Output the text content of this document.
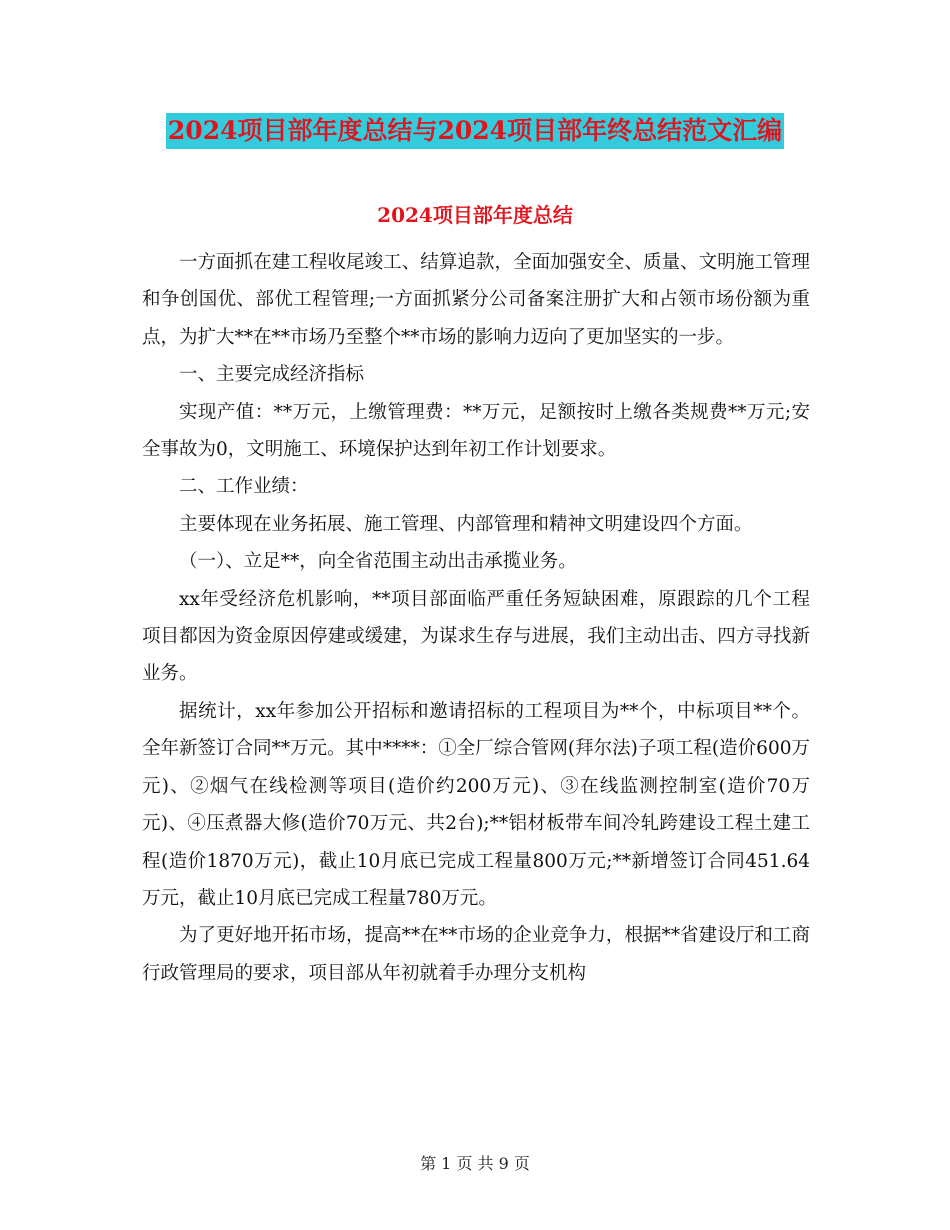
2024项目部年度总结与2024项目部年终总结范文汇编
2024项目部年度总结

一方面抓在建工程收尾竣工、结算追款，全面加强安全、质量、文明施工管理和争创国优、部优工程管理;一方面抓紧分公司备案注册扩大和占领市场份额为重点，为扩大**在**市场乃至整个**市场的影响力迈向了更加坚实的一步。

一、主要完成经济指标

实现产值：**万元，上缴管理费：**万元，足额按时上缴各类规费**万元;安全事故为0，文明施工、环境保护达到年初工作计划要求。

二、工作业绩：

主要体现在业务拓展、施工管理、内部管理和精神文明建设四个方面。

（一）、立足**，向全省范围主动出击承揽业务。

xx年受经济危机影响，**项目部面临严重任务短缺困难，原跟踪的几个工程项目都因为资金原因停建或缓建，为谋求生存与进展，我们主动出击、四方寻找新业务。

据统计，xx年参加公开招标和邀请招标的工程项目为**个，中标项目**个。全年新签订合同**万元。其中****：①全厂综合管网(拜尔法)子项工程(造价600万元)、②烟气在线检测等项目(造价约200万元)、③在线监测控制室(造价70万元)、④压煮器大修(造价70万元、共2台);**铝材板带车间冷轧跨建设工程土建工程(造价1870万元)，截止10月底已完成工程量800万元;**新增签订合同451.64万元，截止10月底已完成工程量780万元。

为了更好地开拓市场，提高**在**市场的企业竞争力，根据**省建设厅和工商行政管理局的要求，项目部从年初就着手办理分支机构

第 1 页 共 9 页
